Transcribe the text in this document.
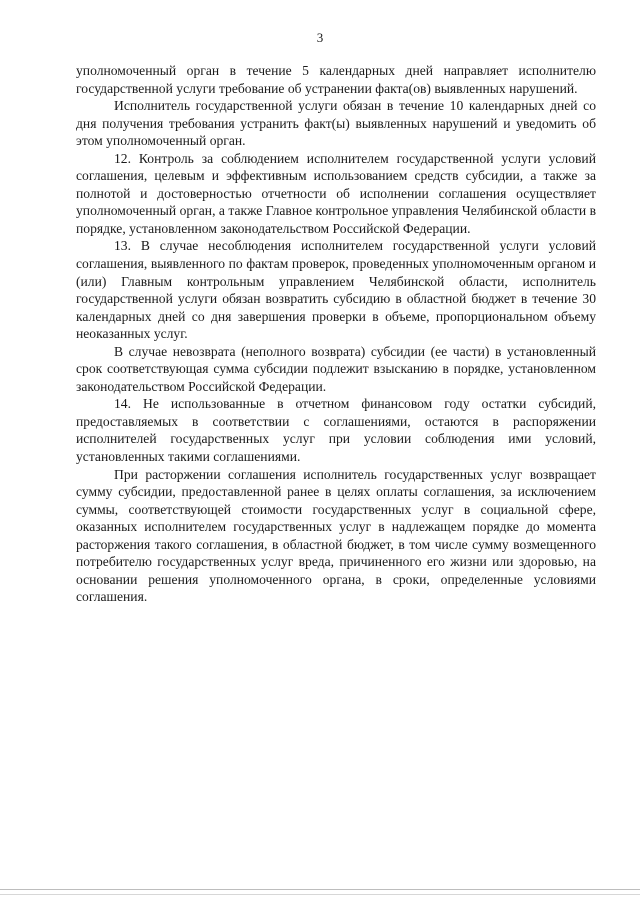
3

уполномоченный орган в течение 5 календарных дней направляет исполнителю государственной услуги требование об устранении факта(ов) выявленных нарушений.

Исполнитель государственной услуги обязан в течение 10 календарных дней со дня получения требования устранить факт(ы) выявленных нарушений и уведомить об этом уполномоченный орган.

12. Контроль за соблюдением исполнителем государственной услуги условий соглашения, целевым и эффективным использованием средств субсидии, а также за полнотой и достоверностью отчетности об исполнении соглашения осуществляет уполномоченный орган, а также Главное контрольное управления Челябинской области в порядке, установленном законодательством Российской Федерации.

13. В случае несоблюдения исполнителем государственной услуги условий соглашения, выявленного по фактам проверок, проведенных уполномоченным органом и (или) Главным контрольным управлением Челябинской области, исполнитель государственной услуги обязан возвратить субсидию в областной бюджет в течение 30 календарных дней со дня завершения проверки в объеме, пропорциональном объему неоказанных услуг.

В случае невозврата (неполного возврата) субсидии (ее части) в установленный срок соответствующая сумма субсидии подлежит взысканию в порядке, установленном законодательством Российской Федерации.

14. Не использованные в отчетном финансовом году остатки субсидий, предоставляемых в соответствии с соглашениями, остаются в распоряжении исполнителей государственных услуг при условии соблюдения ими условий, установленных такими соглашениями.

При расторжении соглашения исполнитель государственных услуг возвращает сумму субсидии, предоставленной ранее в целях оплаты соглашения, за исключением суммы, соответствующей стоимости государственных услуг в социальной сфере, оказанных исполнителем государственных услуг в надлежащем порядке до момента расторжения такого соглашения, в областной бюджет, в том числе сумму возмещенного потребителю государственных услуг вреда, причиненного его жизни или здоровью, на основании решения уполномоченного органа, в сроки, определенные условиями соглашения.
